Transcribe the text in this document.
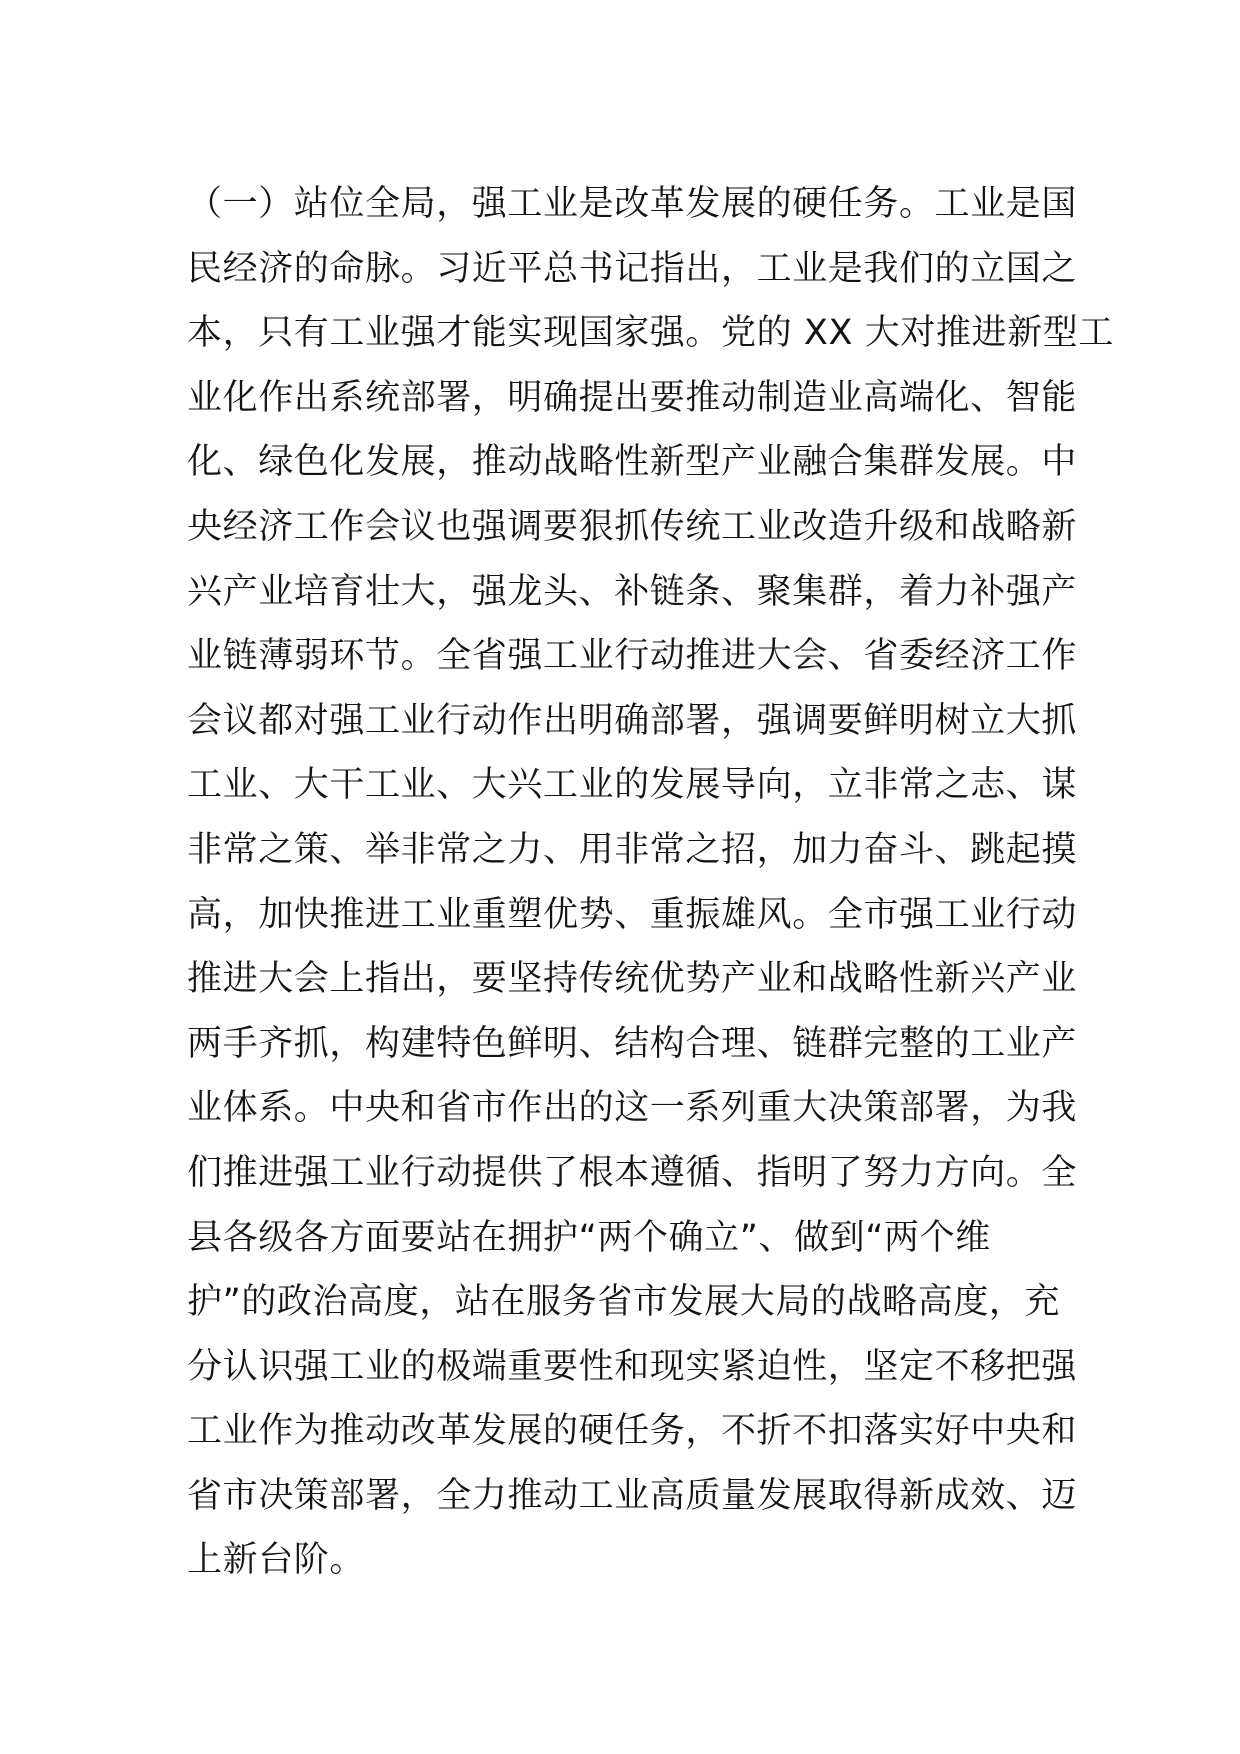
（一）站位全局，强工业是改革发展的硬任务。工业是国
民经济的命脉。习近平总书记指出，工业是我们的立国之
本，只有工业强才能实现国家强。党的 XX 大对推进新型工
业化作出系统部署，明确提出要推动制造业高端化、智能
化、绿色化发展，推动战略性新型产业融合集群发展。中
央经济工作会议也强调要狠抓传统工业改造升级和战略新
兴产业培育壮大，强龙头、补链条、聚集群，着力补强产
业链薄弱环节。全省强工业行动推进大会、省委经济工作
会议都对强工业行动作出明确部署，强调要鲜明树立大抓
工业、大干工业、大兴工业的发展导向，立非常之志、谋
非常之策、举非常之力、用非常之招，加力奋斗、跳起摸
高，加快推进工业重塑优势、重振雄风。全市强工业行动
推进大会上指出，要坚持传统优势产业和战略性新兴产业
两手齐抓，构建特色鲜明、结构合理、链群完整的工业产
业体系。中央和省市作出的这一系列重大决策部署，为我
们推进强工业行动提供了根本遵循、指明了努力方向。全
县各级各方面要站在拥护“两个确立”、做到“两个维
护”的政治高度，站在服务省市发展大局的战略高度，充
分认识强工业的极端重要性和现实紧迫性，坚定不移把强
工业作为推动改革发展的硬任务，不折不扣落实好中央和
省市决策部署，全力推动工业高质量发展取得新成效、迈
上新台阶。
